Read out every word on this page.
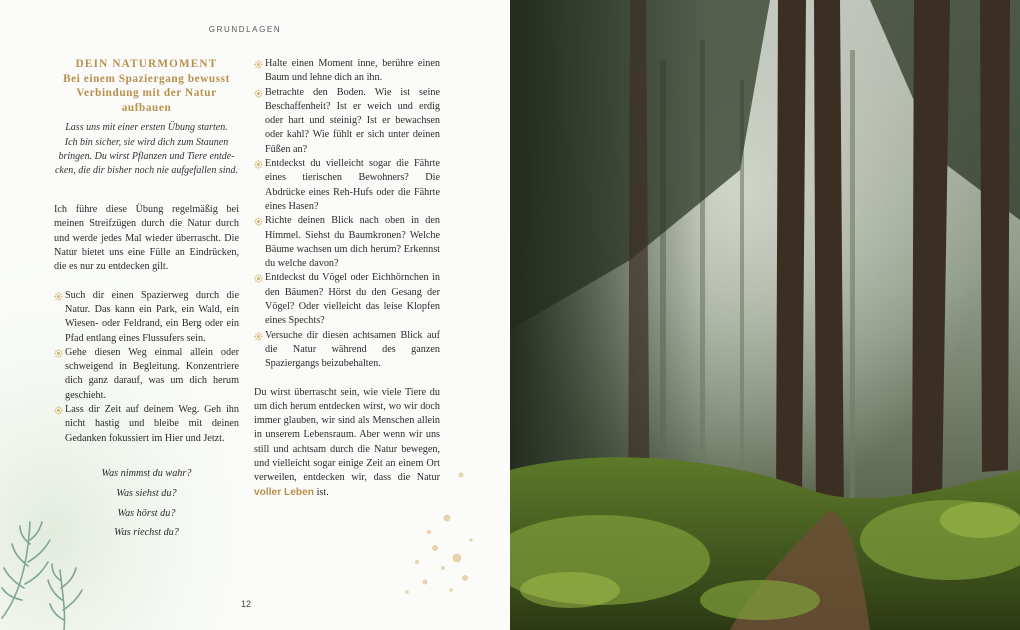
GRUNDLAGEN
DEIN NATURMOMENT
Bei einem Spaziergang bewusst
Verbindung mit der Natur aufbauen
Lass uns mit einer ersten Übung starten.
Ich bin sicher, sie wird dich zum Staunen
bringen. Du wirst Pflanzen und Tiere entde-
cken, die dir bisher noch nie aufgefallen sind.

Ich führe diese Übung regelmäßig bei meinen Streifzügen durch die Natur durch und werde jedes Mal wieder überrascht. Die Natur bietet uns eine Fülle an Eindrücken, die es nur zu entdecken gilt.

Such dir einen Spazierweg durch die Natur. Das kann ein Park, ein Wald, ein Wiesen- oder Feldrand, ein Berg oder ein Pfad entlang eines Flussufers sein.
Gehe diesen Weg einmal allein oder schweigend in Begleitung. Konzentriere dich ganz darauf, was um dich herum geschieht.
Lass dir Zeit auf deinem Weg. Geh ihn nicht hastig und bleibe mit deinen Gedanken fokussiert im Hier und Jetzt.
Was nimmst du wahr?
Was siehst du?
Was hörst du?
Was riechst du?
Halte einen Moment inne, berühre einen Baum und lehne dich an ihn.
Betrachte den Boden. Wie ist seine Beschaffenheit? Ist er weich und erdig oder hart und steinig? Ist er bewachsen oder kahl? Wie fühlt er sich unter deinen Füßen an?
Entdeckst du vielleicht sogar die Fährte eines tierischen Bewohners? Die Abdrücke eines Reh-Hufs oder die Fährte eines Hasen?
Richte deinen Blick nach oben in den Himmel. Siehst du Baumkronen? Welche Bäume wachsen um dich herum? Erkennst du welche davon?
Entdeckst du Vögel oder Eichhörnchen in den Bäumen? Hörst du den Gesang der Vögel? Oder vielleicht das leise Klopfen eines Spechts?
Versuche dir diesen achtsamen Blick auf die Natur während des ganzen Spaziergangs beizubehalten.

Du wirst überrascht sein, wie viele Tiere du um dich herum entdecken wirst, wo wir doch immer glauben, wir sind als Menschen allein in unserem Lebensraum. Aber wenn wir uns still und achtsam durch die Natur bewegen, und vielleicht sogar einige Zeit an einem Ort verweilen, entdecken wir, dass die Natur voller Leben ist.

12
